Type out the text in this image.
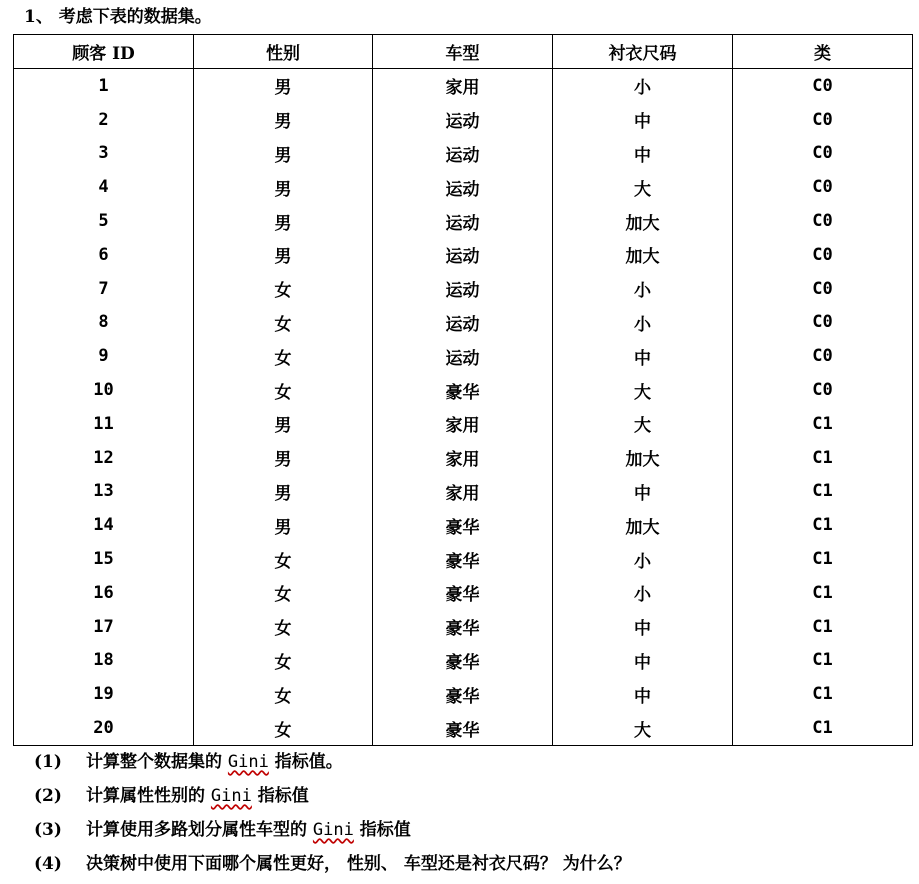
1、 考虑下表的数据集。
顾客 ID	性别	车型	衬衣尺码	类
1	男	家用	小	C0
2	男	运动	中	C0
3	男	运动	中	C0
4	男	运动	大	C0
5	男	运动	加大	C0
6	男	运动	加大	C0
7	女	运动	小	C0
8	女	运动	小	C0
9	女	运动	中	C0
10	女	豪华	大	C0
11	男	家用	大	C1
12	男	家用	加大	C1
13	男	家用	中	C1
14	男	豪华	加大	C1
15	女	豪华	小	C1
16	女	豪华	小	C1
17	女	豪华	中	C1
18	女	豪华	中	C1
19	女	豪华	中	C1
20	女	豪华	大	C1
(1) 计算整个数据集的 Gini 指标值。
(2) 计算属性性别的 Gini 指标值
(3) 计算使用多路划分属性车型的 Gini 指标值
(4) 决策树中使用下面哪个属性更好， 性别、 车型还是衬衣尺码？ 为什么？
